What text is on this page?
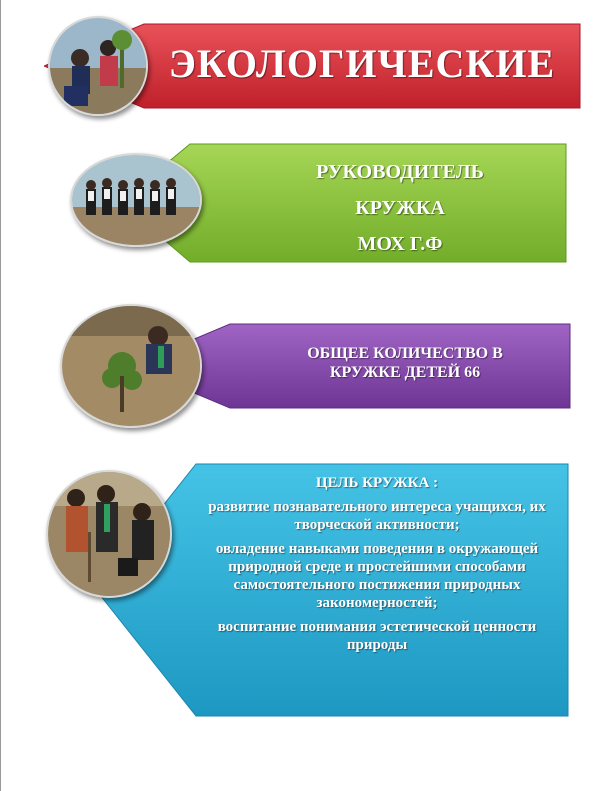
ЭКОЛОГИЧЕСКИЕ
РУКОВОДИТЕЛЬ
КРУЖКА
МОХ Г.Ф
ОБЩЕЕ КОЛИЧЕСТВО В
КРУЖКЕ ДЕТЕЙ 66
ЦЕЛЬ КРУЖКА :
развитие познавательного интереса учащихся, их творческой активности;
овладение навыками поведения в окружающей природной среде и простейшими способами самостоятельного постижения природных закономерностей;
воспитание понимания эстетической ценности природы
